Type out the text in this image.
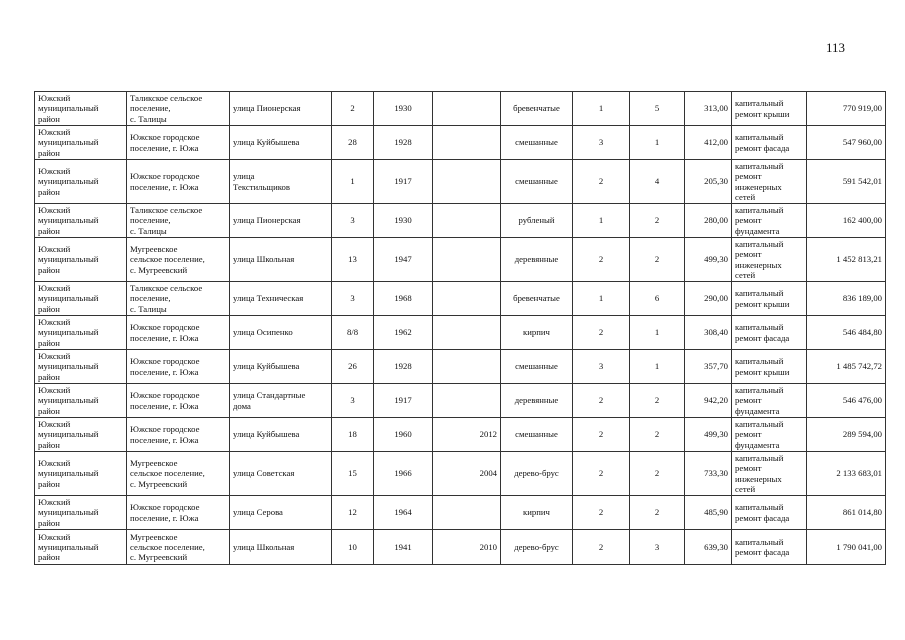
113
Южский
муниципальный
район	Таликское сельское
поселение,
с. Талицы	улица Пионерская	2	1930		бревенчатые	1	5	313,00	капитальный
ремонт крыши	770 919,00
Южский
муниципальный
район	Южское городское
поселение, г. Южа	улица Куйбышева	28	1928		смешанные	3	1	412,00	капитальный
ремонт фасада	547 960,00
Южский
муниципальный
район	Южское городское
поселение, г. Южа	улица
Текстильщиков	1	1917		смешанные	2	4	205,30	капитальный
ремонт
инженерных
сетей	591 542,01
Южский
муниципальный
район	Таликское сельское
поселение,
с. Талицы	улица Пионерская	3	1930		рубленый	1	2	280,00	капитальный
ремонт
фундамента	162 400,00
Южский
муниципальный
район	Мугреевское
сельское поселение,
с. Мугреевский	улица Школьная	13	1947		деревянные	2	2	499,30	капитальный
ремонт
инженерных
сетей	1 452 813,21
Южский
муниципальный
район	Таликское сельское
поселение,
с. Талицы	улица Техническая	3	1968		бревенчатые	1	6	290,00	капитальный
ремонт крыши	836 189,00
Южский
муниципальный
район	Южское городское
поселение, г. Южа	улица Осипенко	8/8	1962		кирпич	2	1	308,40	капитальный
ремонт фасада	546 484,80
Южский
муниципальный
район	Южское городское
поселение, г. Южа	улица Куйбышева	26	1928		смешанные	3	1	357,70	капитальный
ремонт крыши	1 485 742,72
Южский
муниципальный
район	Южское городское
поселение, г. Южа	улица Стандартные
дома	3	1917		деревянные	2	2	942,20	капитальный
ремонт
фундамента	546 476,00
Южский
муниципальный
район	Южское городское
поселение, г. Южа	улица Куйбышева	18	1960	2012	смешанные	2	2	499,30	капитальный
ремонт
фундамента	289 594,00
Южский
муниципальный
район	Мугреевское
сельское поселение,
с. Мугреевский	улица Советская	15	1966	2004	дерево-брус	2	2	733,30	капитальный
ремонт
инженерных
сетей	2 133 683,01
Южский
муниципальный
район	Южское городское
поселение, г. Южа	улица Серова	12	1964		кирпич	2	2	485,90	капитальный
ремонт фасада	861 014,80
Южский
муниципальный
район	Мугреевское
сельское поселение,
с. Мугреевский	улица Школьная	10	1941	2010	дерево-брус	2	3	639,30	капитальный
ремонт фасада	1 790 041,00
